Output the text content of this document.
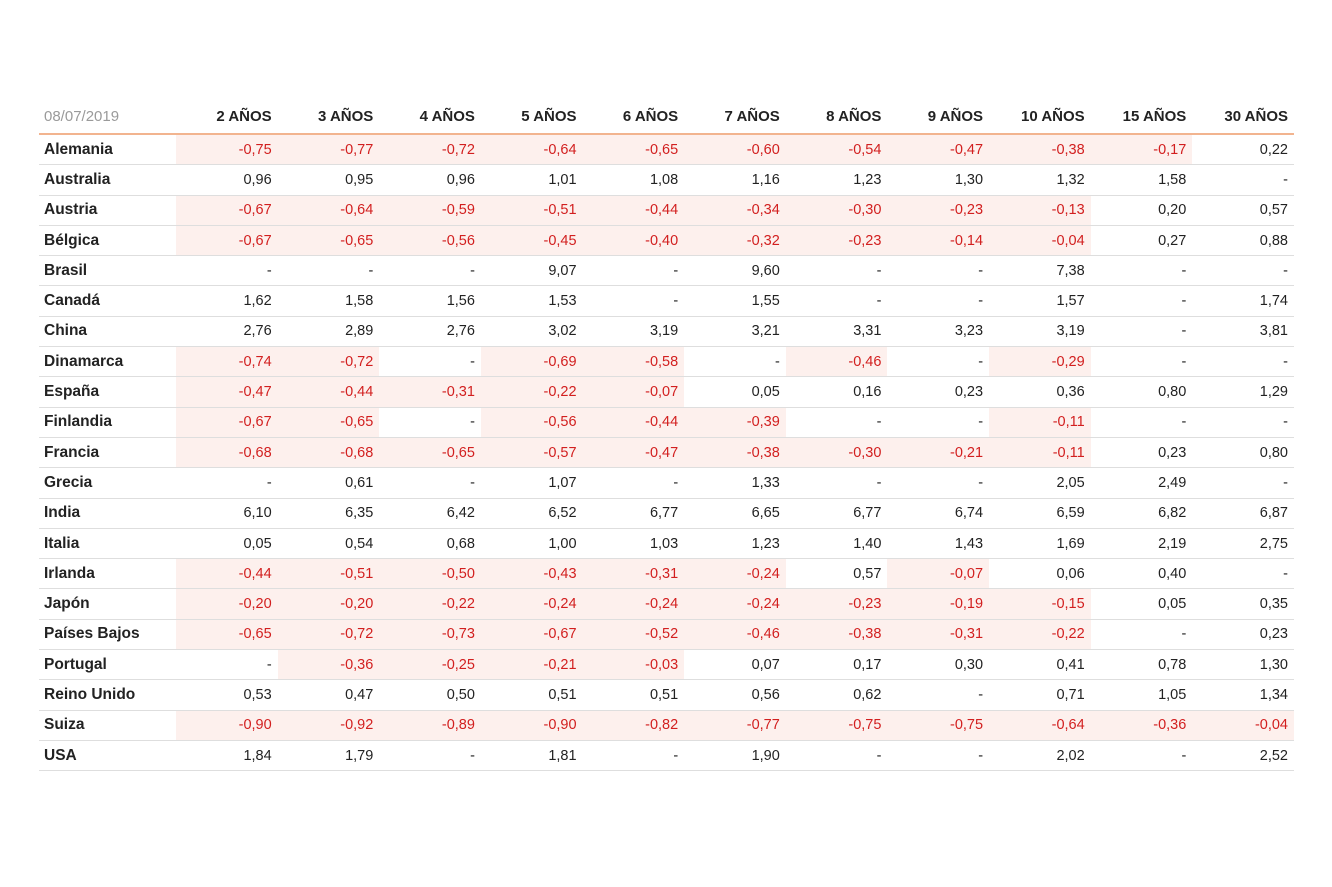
08/07/2019	2 AÑOS	3 AÑOS	4 AÑOS	5 AÑOS	6 AÑOS	7 AÑOS	8 AÑOS	9 AÑOS	10 AÑOS	15 AÑOS	30 AÑOS
Alemania	-0,75	-0,77	-0,72	-0,64	-0,65	-0,60	-0,54	-0,47	-0,38	-0,17	0,22
Australia	0,96	0,95	0,96	1,01	1,08	1,16	1,23	1,30	1,32	1,58	-
Austria	-0,67	-0,64	-0,59	-0,51	-0,44	-0,34	-0,30	-0,23	-0,13	0,20	0,57
Bélgica	-0,67	-0,65	-0,56	-0,45	-0,40	-0,32	-0,23	-0,14	-0,04	0,27	0,88
Brasil	-	-	-	9,07	-	9,60	-	-	7,38	-	-
Canadá	1,62	1,58	1,56	1,53	-	1,55	-	-	1,57	-	1,74
China	2,76	2,89	2,76	3,02	3,19	3,21	3,31	3,23	3,19	-	3,81
Dinamarca	-0,74	-0,72	-	-0,69	-0,58	-	-0,46	-	-0,29	-	-
España	-0,47	-0,44	-0,31	-0,22	-0,07	0,05	0,16	0,23	0,36	0,80	1,29
Finlandia	-0,67	-0,65	-	-0,56	-0,44	-0,39	-	-	-0,11	-	-
Francia	-0,68	-0,68	-0,65	-0,57	-0,47	-0,38	-0,30	-0,21	-0,11	0,23	0,80
Grecia	-	0,61	-	1,07	-	1,33	-	-	2,05	2,49	-
India	6,10	6,35	6,42	6,52	6,77	6,65	6,77	6,74	6,59	6,82	6,87
Italia	0,05	0,54	0,68	1,00	1,03	1,23	1,40	1,43	1,69	2,19	2,75
Irlanda	-0,44	-0,51	-0,50	-0,43	-0,31	-0,24	0,57	-0,07	0,06	0,40	-
Japón	-0,20	-0,20	-0,22	-0,24	-0,24	-0,24	-0,23	-0,19	-0,15	0,05	0,35
Países Bajos	-0,65	-0,72	-0,73	-0,67	-0,52	-0,46	-0,38	-0,31	-0,22	-	0,23
Portugal	-	-0,36	-0,25	-0,21	-0,03	0,07	0,17	0,30	0,41	0,78	1,30
Reino Unido	0,53	0,47	0,50	0,51	0,51	0,56	0,62	-	0,71	1,05	1,34
Suiza	-0,90	-0,92	-0,89	-0,90	-0,82	-0,77	-0,75	-0,75	-0,64	-0,36	-0,04
USA	1,84	1,79	-	1,81	-	1,90	-	-	2,02	-	2,52
